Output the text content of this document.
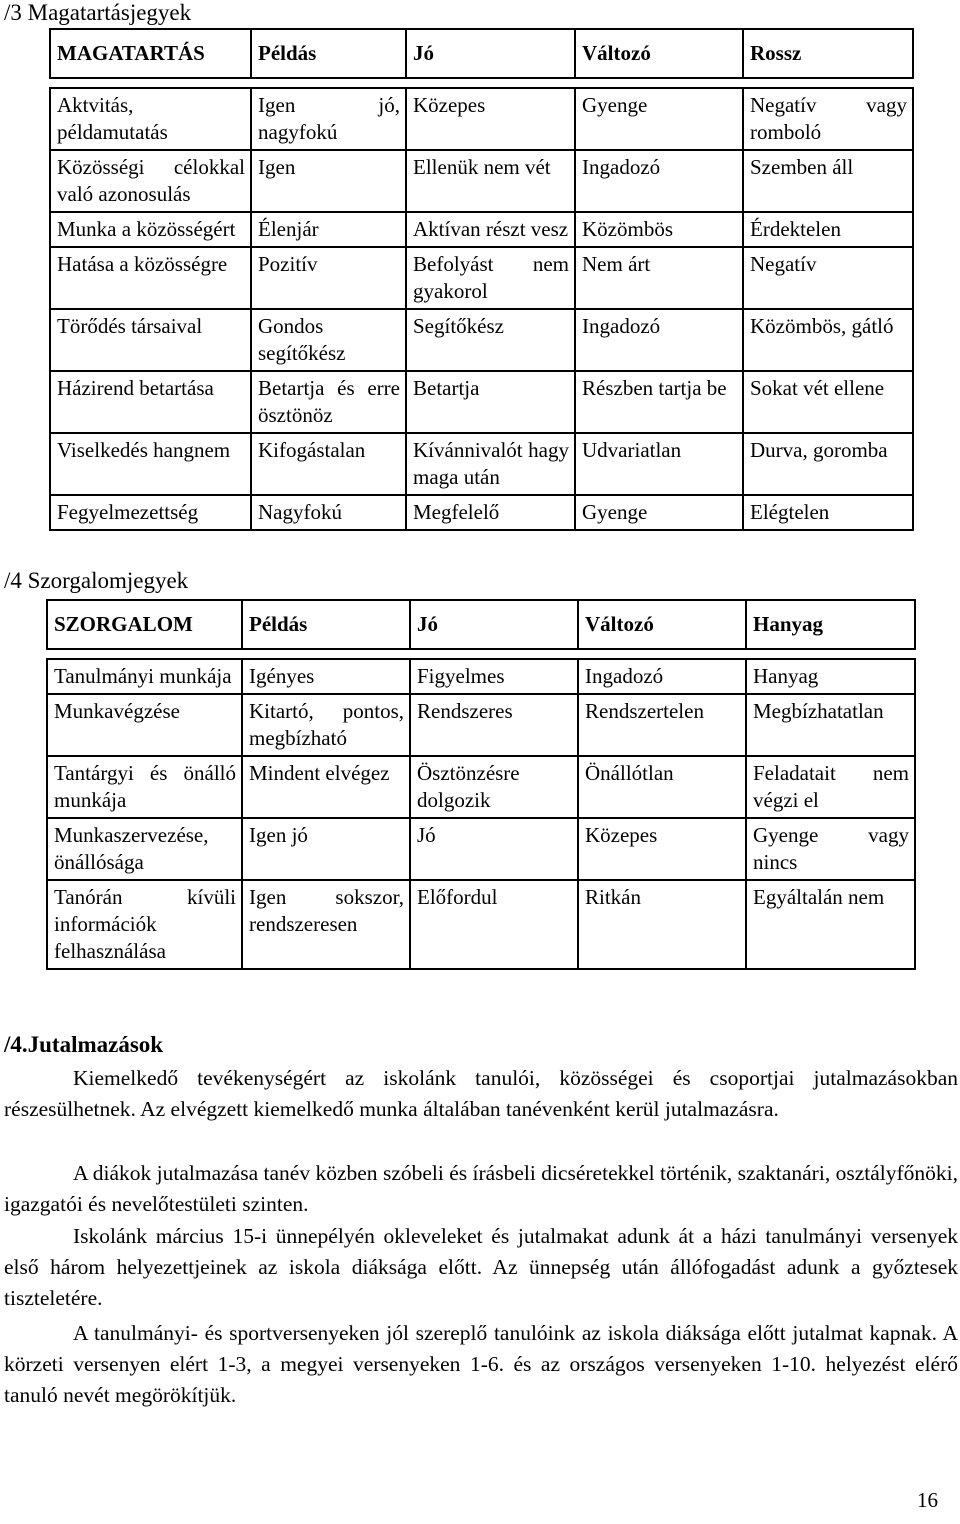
/3 Magatartásjegyek
MAGATARTÁS	Példás	Jó	Változó	Rossz

Aktvitás, példamutatás	Igen jó, nagyfokú	Közepes	Gyenge	Negatív vagy romboló
Közösségi célokkal való azonosulás	Igen	Ellenük nem vét	Ingadozó	Szemben áll
Munka a közösségért	Élenjár	Aktívan részt vesz	Közömbös	Érdektelen
Hatása a közösségre	Pozitív	Befolyást nem gyakorol	Nem árt	Negatív
Törődés társaival	Gondos segítőkész	Segítőkész	Ingadozó	Közömbös, gátló
Házirend betartása	Betartja és erre ösztönöz	Betartja	Részben tartja be	Sokat vét ellene
Viselkedés hangnem	Kifogástalan	Kívánnivalót hagy maga után	Udvariatlan	Durva, goromba
Fegyelmezettség	Nagyfokú	Megfelelő	Gyenge	Elégtelen
/4 Szorgalomjegyek
SZORGALOM	Példás	Jó	Változó	Hanyag

Tanulmányi munkája	Igényes	Figyelmes	Ingadozó	Hanyag
Munkavégzése	Kitartó, pontos, megbízható	Rendszeres	Rendszertelen	Megbízhatatlan
Tantárgyi és önálló munkája	Mindent elvégez	Ösztönzésre dolgozik	Önállótlan	Feladatait nem végzi el
Munkaszervezése, önállósága	Igen jó	Jó	Közepes	Gyenge vagy nincs
Tanórán kívüli információk felhasználása	Igen sokszor, rendszeresen	Előfordul	Ritkán	Egyáltalán nem
/4.Jutalmazások

Kiemelkedő tevékenységért az iskolánk tanulói, közösségei és csoportjai jutalmazásokban részesülhetnek. Az elvégzett kiemelkedő munka általában tanévenként kerül jutalmazásra.

A diákok jutalmazása tanév közben szóbeli és írásbeli dicséretekkel történik, szaktanári, osztályfőnöki, igazgatói és nevelőtestületi szinten.

Iskolánk március 15-i ünnepélyén okleveleket és jutalmakat adunk át a házi tanulmányi versenyek első három helyezettjeinek az iskola diáksága előtt. Az ünnepség után állófogadást adunk a győztesek tiszteletére.

A tanulmányi- és sportversenyeken jól szereplő tanulóink az iskola diáksága előtt jutalmat kapnak. A körzeti versenyen elért 1-3, a megyei versenyeken 1-6. és az országos versenyeken 1-10. helyezést elérő tanuló nevét megörökítjük.

16
